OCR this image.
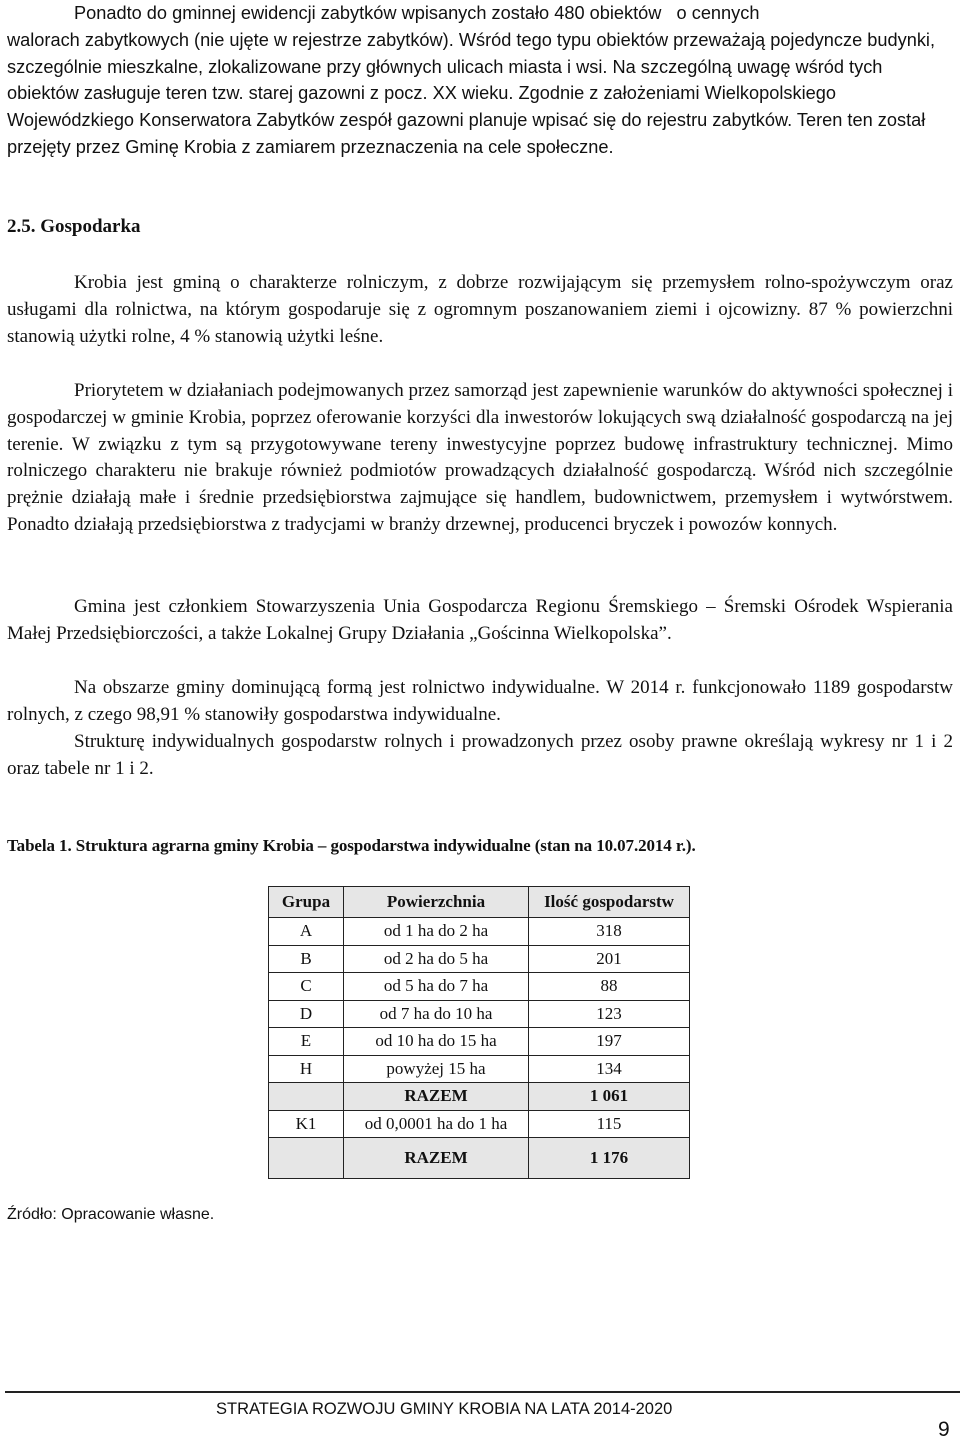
Ponadto do gminnej ewidencji zabytków wpisanych zostało 480 obiektów   o cennych
walorach zabytkowych (nie ujęte w rejestrze zabytków). Wśród tego typu obiektów przeważają pojedyncze budynki, szczególnie mieszkalne, zlokalizowane przy głównych ulicach miasta i wsi. Na szczególną uwagę wśród tych obiektów zasługuje teren tzw. starej gazowni z pocz. XX wieku. Zgodnie z założeniami Wielkopolskiego Wojewódzkiego Konserwatora Zabytków zespół gazowni planuje wpisać się do rejestru zabytków. Teren ten został przejęty przez Gminę Krobia z zamiarem przeznaczenia na cele społeczne.

2.5. Gospodarka

Krobia jest gminą o charakterze rolniczym, z dobrze rozwijającym się przemysłem rolno-spożywczym oraz usługami dla rolnictwa, na którym gospodaruje się z ogromnym poszanowaniem ziemi i ojcowizny. 87 % powierzchni stanowią użytki rolne, 4 % stanowią użytki leśne.

Priorytetem w działaniach podejmowanych przez samorząd jest zapewnienie warunków do aktywności społecznej i gospodarczej w gminie Krobia, poprzez oferowanie korzyści dla inwestorów lokujących swą działalność gospodarczą na jej terenie. W związku z tym są przygotowywane tereny inwestycyjne poprzez budowę infrastruktury technicznej. Mimo rolniczego charakteru nie brakuje również podmiotów prowadzących działalność gospodarczą. Wśród nich szczególnie prężnie działają małe i średnie przedsiębiorstwa zajmujące się handlem, budownictwem, przemysłem i wytwórstwem. Ponadto działają przedsiębiorstwa z tradycjami w branży drzewnej, producenci bryczek i powozów konnych.

Gmina jest członkiem Stowarzyszenia Unia Gospodarcza Regionu Śremskiego – Śremski Ośrodek Wspierania Małej Przedsiębiorczości, a także Lokalnej Grupy Działania „Gościnna Wielkopolska”.

Na obszarze gminy dominującą formą jest rolnictwo indywidualne. W 2014 r. funkcjonowało 1189 gospodarstw rolnych, z czego 98,91 % stanowiły gospodarstwa indywidualne.

Strukturę indywidualnych gospodarstw rolnych i prowadzonych przez osoby prawne określają wykresy nr 1 i 2 oraz tabele nr 1 i 2.

Tabela 1. Struktura agrarna gminy Krobia – gospodarstwa indywidualne (stan na 10.07.2014 r.).

Grupa	Powierzchnia	Ilość gospodarstw
A	od 1 ha do 2 ha	318
B	od 2 ha do 5 ha	201
C	od 5 ha do 7 ha	88
D	od 7 ha do 10 ha	123
E	od 10 ha do 15 ha	197
H	powyżej 15 ha	134
	RAZEM	1 061
K1	od 0,0001 ha do 1 ha	115
	RAZEM	1 176
Źródło: Opracowanie własne.
STRATEGIA ROZWOJU GMINY KROBIA NA LATA 2014-2020
9
